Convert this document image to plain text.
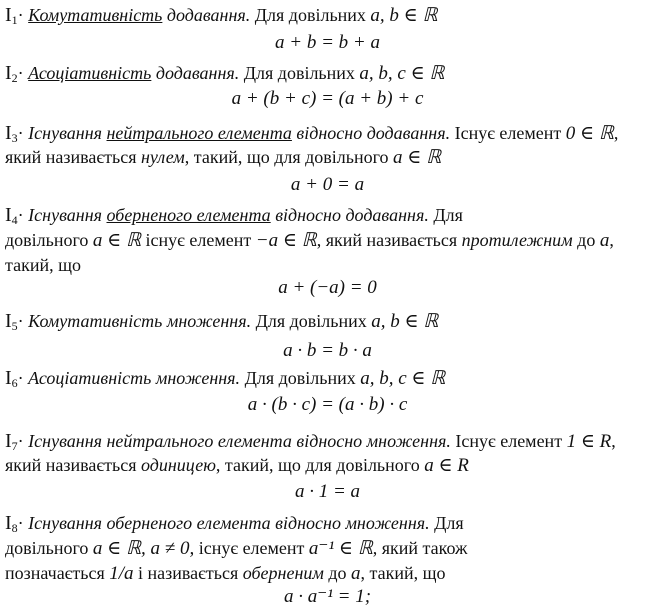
$I_1\cdot$ Комутативність додавання. Для довільних a, b ∈ ℝ
a + b = b + a
$I_2\cdot$ Асоціативність додавання. Для довільних a, b, c ∈ ℝ
a + (b + c) = (a + b) + c
$I_3\cdot$ Існування нейтрального елемента відносно додавання. Існує елемент 0 ∈ ℝ,
який називається нулем, такий, що для довільного a ∈ ℝ
a + 0 = a
$I_4\cdot$ Існування оберненого елемента відносно додавання. Для
довільного a ∈ ℝ існує елемент −a ∈ ℝ, який називається протилежним до a,
такий, що
a + (−a) = 0
$I_5\cdot$ Комутативність множення. Для довільних a, b ∈ ℝ
a · b = b · a
$I_6\cdot$ Асоціативність множення. Для довільних a, b, c ∈ ℝ
a · (b · c) = (a · b) · c
$I_7\cdot$ Існування нейтрального елемента відносно множення. Існує елемент 1 ∈ R,
який називається одиницею, такий, що для довільного a ∈ R
a · 1 = a
$I_8\cdot$ Існування оберненого елемента відносно множення. Для
довільного a ∈ ℝ, a ≠ 0, існує елемент a⁻¹ ∈ ℝ, який також
позначається 1/a і називається оберненим до a, такий, що
a · a⁻¹ = 1;
